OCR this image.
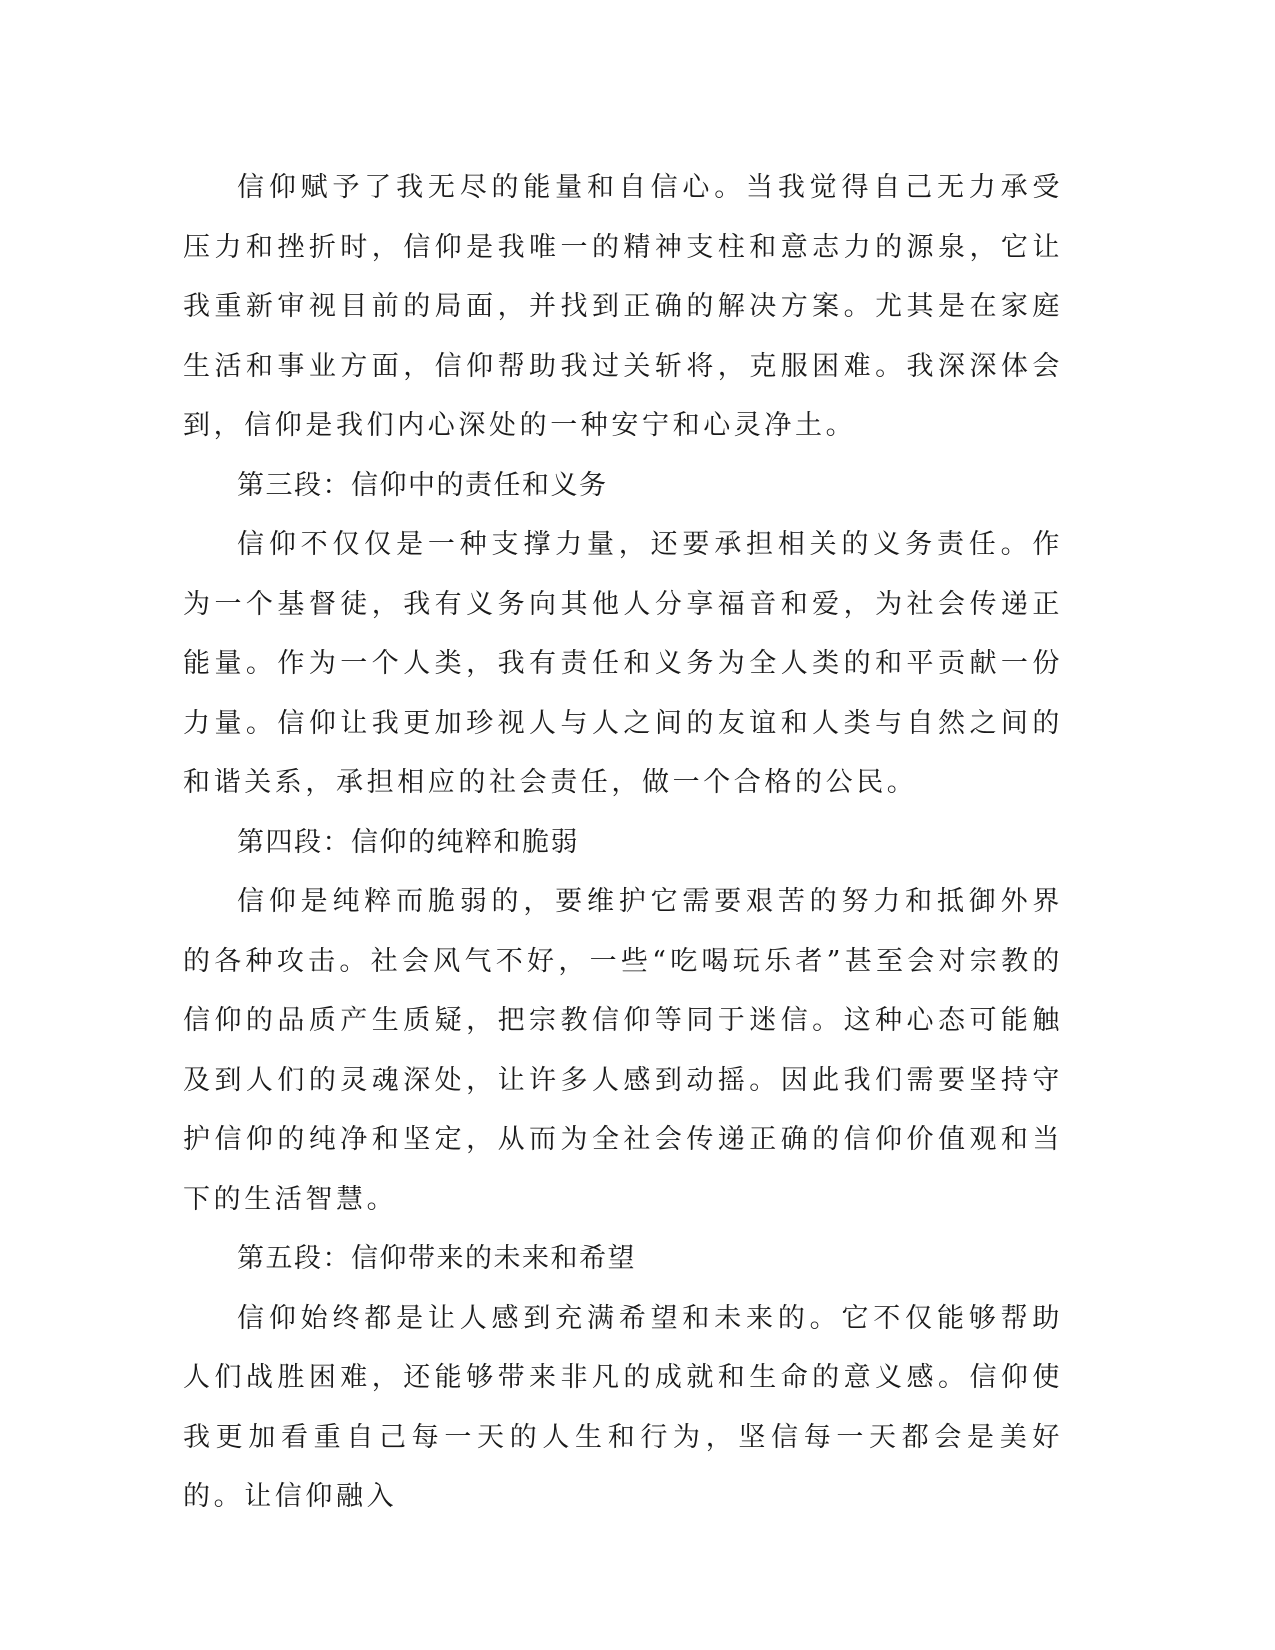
信仰赋予了我无尽的能量和自信心。当我觉得自己无力承受压力和挫折时，信仰是我唯一的精神支柱和意志力的源泉，它让我重新审视目前的局面，并找到正确的解决方案。尤其是在家庭生活和事业方面，信仰帮助我过关斩将，克服困难。我深深体会到，信仰是我们内心深处的一种安宁和心灵净土。

第三段：信仰中的责任和义务

信仰不仅仅是一种支撑力量，还要承担相关的义务责任。作为一个基督徒，我有义务向其他人分享福音和爱，为社会传递正能量。作为一个人类，我有责任和义务为全人类的和平贡献一份力量。信仰让我更加珍视人与人之间的友谊和人类与自然之间的和谐关系，承担相应的社会责任，做一个合格的公民。

第四段：信仰的纯粹和脆弱

信仰是纯粹而脆弱的，要维护它需要艰苦的努力和抵御外界的各种攻击。社会风气不好，一些“吃喝玩乐者”甚至会对宗教的信仰的品质产生质疑，把宗教信仰等同于迷信。这种心态可能触及到人们的灵魂深处，让许多人感到动摇。因此我们需要坚持守护信仰的纯净和坚定，从而为全社会传递正确的信仰价值观和当下的生活智慧。

第五段：信仰带来的未来和希望

信仰始终都是让人感到充满希望和未来的。它不仅能够帮助人们战胜困难，还能够带来非凡的成就和生命的意义感。信仰使我更加看重自己每一天的人生和行为，坚信每一天都会是美好的。让信仰融入
